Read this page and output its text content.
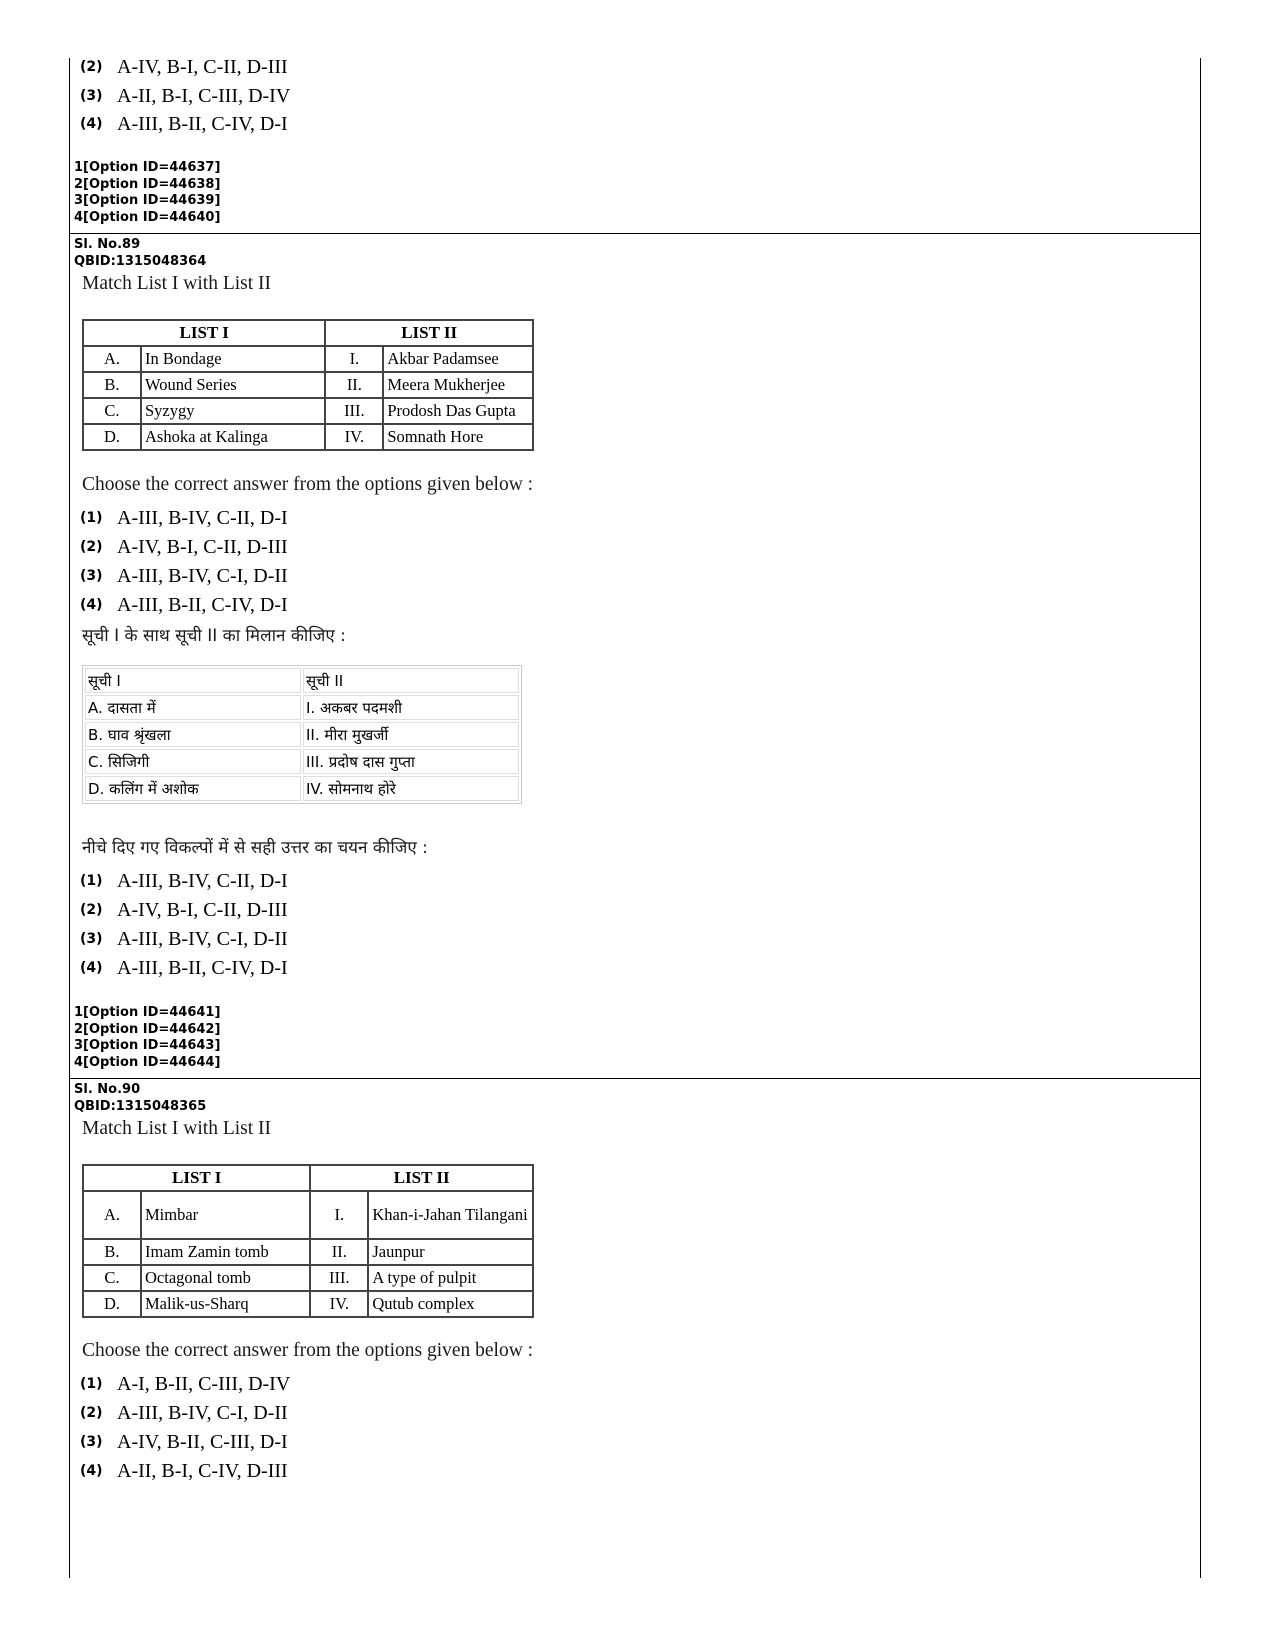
(2) A-IV, B-I, C-II, D-III
(3) A-II, B-I, C-III, D-IV
(4) A-III, B-II, C-IV, D-I
1[Option ID=44637]
2[Option ID=44638]
3[Option ID=44639]
4[Option ID=44640]
Sl. No.89
QBID:1315048364
Match List I with List II
LIST I		LIST II	
A.	In Bondage	I.	Akbar Padamsee
B.	Wound Series	II.	Meera Mukherjee
C.	Syzygy	III.	Prodosh Das Gupta
D.	Ashoka at Kalinga	IV.	Somnath Hore
Choose the correct answer from the options given below :
(1) A-III, B-IV, C-II, D-I
(2) A-IV, B-I, C-II, D-III
(3) A-III, B-IV, C-I, D-II
(4) A-III, B-II, C-IV, D-I
सूची I के साथ सूची II का मिलान कीजिए :
सूची I	सूची II
A. दासता में	I. अकबर पदमशी
B. घाव श्रृंखला	II. मीरा मुखर्जी
C. सिजिगी	III. प्रदोष दास गुप्ता
D. कलिंग में अशोक	IV. सोमनाथ होरे
नीचे दिए गए विकल्पों में से सही उत्तर का चयन कीजिए :
(1) A-III, B-IV, C-II, D-I
(2) A-IV, B-I, C-II, D-III
(3) A-III, B-IV, C-I, D-II
(4) A-III, B-II, C-IV, D-I
1[Option ID=44641]
2[Option ID=44642]
3[Option ID=44643]
4[Option ID=44644]
Sl. No.90
QBID:1315048365
Match List I with List II
LIST I		LIST II	
A.	Mimbar	I.	Khan-i-Jahan Tilangani
B.	Imam Zamin tomb	II.	Jaunpur
C.	Octagonal tomb	III.	A type of pulpit
D.	Malik-us-Sharq	IV.	Qutub complex
Choose the correct answer from the options given below :
(1) A-I, B-II, C-III, D-IV
(2) A-III, B-IV, C-I, D-II
(3) A-IV, B-II, C-III, D-I
(4) A-II, B-I, C-IV, D-III
